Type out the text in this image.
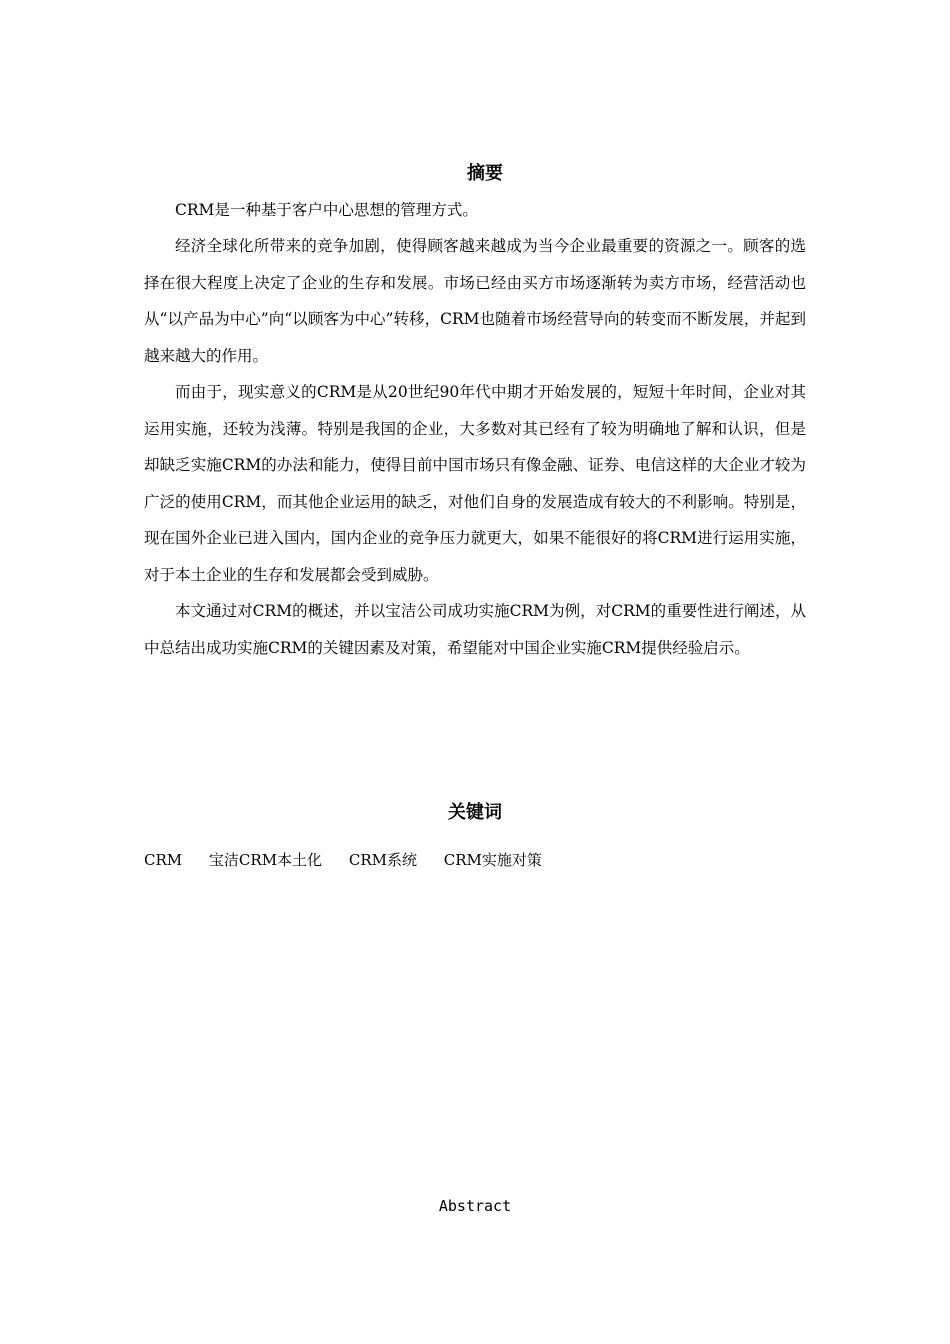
摘要

CRM是一种基于客户中心思想的管理方式。

经济全球化所带来的竞争加剧，使得顾客越来越成为当今企业最重要的资源之一。顾客的选择在很大程度上决定了企业的生存和发展。市场已经由买方市场逐渐转为卖方市场，经营活动也从“以产品为中心”向“以顾客为中心”转移，CRM也随着市场经营导向的转变而不断发展，并起到越来越大的作用。

而由于，现实意义的CRM是从20世纪90年代中期才开始发展的，短短十年时间，企业对其运用实施，还较为浅薄。特别是我国的企业，大多数对其已经有了较为明确地了解和认识，但是却缺乏实施CRM的办法和能力，使得目前中国市场只有像金融、证券、电信这样的大企业才较为广泛的使用CRM，而其他企业运用的缺乏，对他们自身的发展造成有较大的不利影响。特别是，现在国外企业已进入国内，国内企业的竞争压力就更大，如果不能很好的将CRM进行运用实施，对于本土企业的生存和发展都会受到威胁。

本文通过对CRM的概述，并以宝洁公司成功实施CRM为例，对CRM的重要性进行阐述，从中总结出成功实施CRM的关键因素及对策，希望能对中国企业实施CRM提供经验启示。

关键词
CRM 宝洁CRM本土化 CRM系统 CRM实施对策
Abstract
